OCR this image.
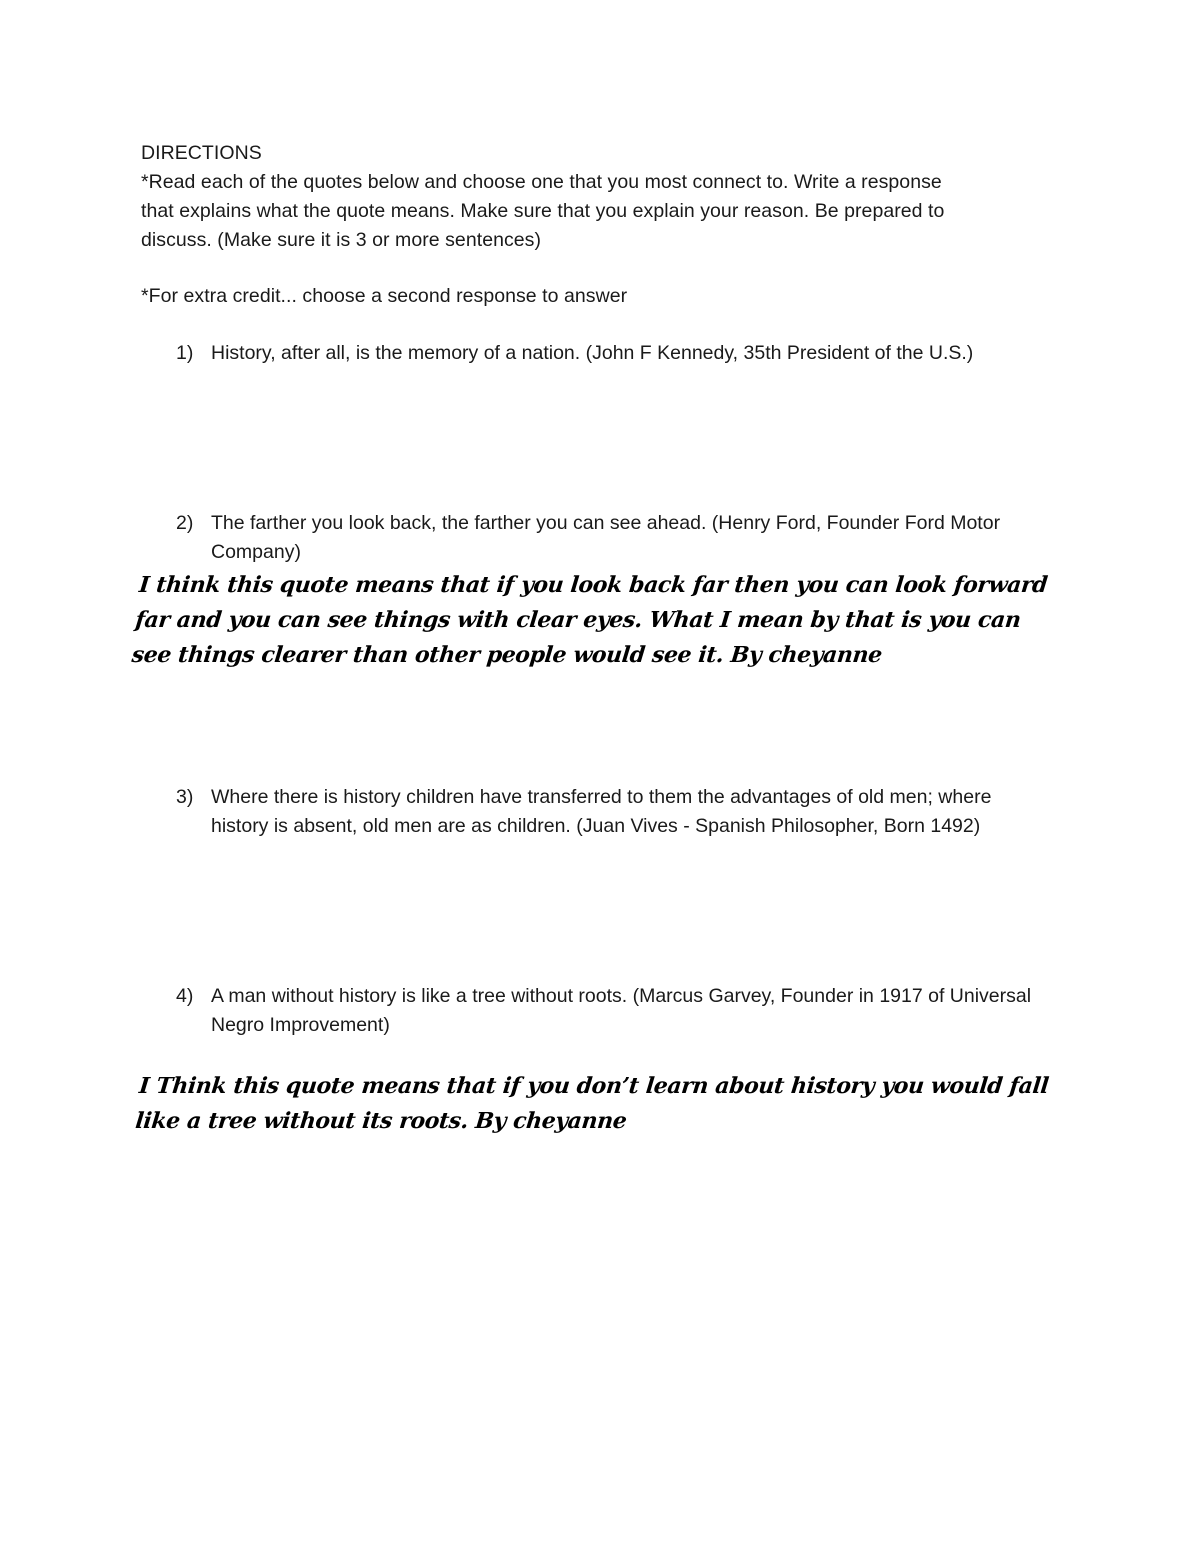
DIRECTIONS
*Read each of the quotes below and choose one that you most connect to. Write a response
that explains what the quote means. Make sure that you explain your reason. Be prepared to
discuss. (Make sure it is 3 or more sentences)
*For extra credit... choose a second response to answer
1) History, after all, is the memory of a nation. (John F Kennedy, 35th President of the U.S.)
2) The farther you look back, the farther you can see ahead. (Henry Ford, Founder Ford Motor Company)
I think this quote means that if you look back far then you can look forward far and you can see things with clear eyes. What I mean by that is you can see things clearer than other people would see it. By cheyanne
3) Where there is history children have transferred to them the advantages of old men; where history is absent, old men are as children. (Juan Vives - Spanish Philosopher, Born 1492)
4) A man without history is like a tree without roots. (Marcus Garvey, Founder in 1917 of Universal Negro Improvement)
I Think this quote means that if you don’t learn about history you would fall like a tree without its roots. By cheyanne
